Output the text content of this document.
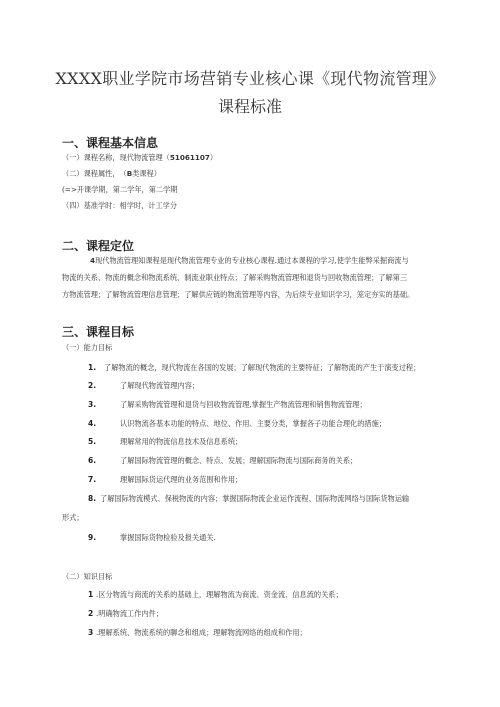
XXXX职业学院市场营销专业核心课《现代物流管理》
课程标准
一、课程基本信息
（一）课程名称，现代物流管理（51061107）
（二）课程属性，　（B类课程）
(=>开课学期，第二学年，第二学期
（四）基准学时：相学时，计工学分
二、课程定位
4现代物流管理知课程是现代物流管理专业的专业核心课程.通过本课程的学习,使学生能弊采掘商流与
物流的关系、物流的概念和物流系统、制流业职业特点；了解采购物流管理和退货与回收物流管理；了解第三
方物流管理；了解物流管理信息管理；了解供应链的物流管理等内容，为后续专业知识学习，笼定夯实的基础。
三、课程目标
（一）能力目标
1. 了解物流的概念，现代物流在各国的发展；了解现代物流的主要特征；了解物流的产生于演变过程；
2.	了解现代物流管理内容；
3.	了解采购物流管理和退货与回收物流管理,掌握生产物流管理和销售物流管理；
4.	认识物流各基本功能的特点、地位、作用、主要分类，掌握各子功能合理化的措施；
5.	理解常用的物流信息技术及信息系统；
6.	了解国际物流管理的概念、特点、发展；理解国际物流与国际商务的关系；
7.	理解国际货运代理的业务范围和作用；
8. 了解国际物流模式、保税物流的内容；掌握国际物流企业运作流程、国际物流网络与国际货物运输
形式；
9.	掌握国际货物检验及报关通关.
（二）知识目标
1 .区分物流与商流的关系的基础上，理解物流为商流、资金流、信息流的关系；
2 .明确物流工作内件；
3 .理解系统、物流系统的聊念和组成；理解物流网络的组成和作用；
